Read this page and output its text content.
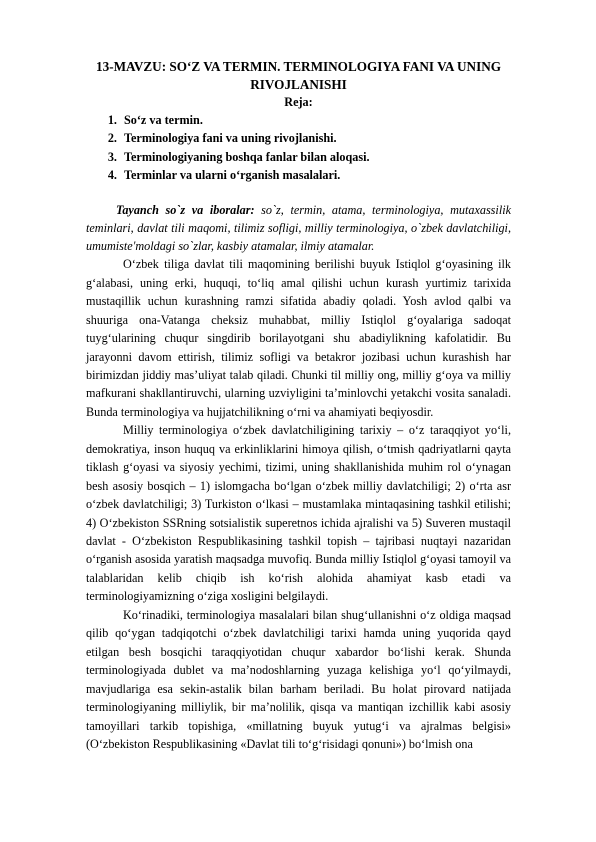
13-MAVZU: SO‘Z VA TERMIN. TERMINOLOGIYA FANI VA UNING
RIVOJLANISHI
Reja:
1. So‘z va termin.
2. Terminologiya fani va uning rivojlanishi.
3. Terminologiyaning boshqa fanlar bilan aloqasi.
4. Terminlar va ularni o‘rganish masalalari.

Tayanch so`z va iboralar: so`z, termin, atama, terminologiya, mutaxassilik teminlari, davlat tili maqomi, tilimiz sofligi, milliy terminologiya, o`zbek davlatchiligi, umumiste'moldagi so`zlar, kasbiy atamalar, ilmiy atamalar.

O‘zbek tiliga davlat tili maqomining berilishi buyuk Istiqlol g‘oyasining ilk g‘alabasi, uning erki, huquqi, to‘liq amal qilishi uchun kurash yurtimiz tarixida mustaqillik uchun kurashning ramzi sifatida abadiy qoladi. Yosh avlod qalbi va shuuriga ona-Vatanga cheksiz muhabbat, milliy Istiqlol g‘oyalariga sadoqat tuyg‘ularining chuqur singdirib borilayotgani shu abadiylikning kafolatidir. Bu jarayonni davom ettirish, tilimiz sofligi va betakror jozibasi uchun kurashish har birimizdan jiddiy mas’uliyat talab qiladi. Chunki til milliy ong, milliy g‘oya va milliy mafkurani shakllantiruvchi, ularning uzviyligini ta’minlovchi yetakchi vosita sanaladi. Bunda terminologiya va hujjatchilikning o‘rni va ahamiyati beqiyosdir.

Milliy terminologiya o‘zbek davlatchiligining tarixiy – o‘z taraqqiyot yo‘li, demokratiya, inson huquq va erkinliklarini himoya qilish, o‘tmish qadriyatlarni qayta tiklash g‘oyasi va siyosiy yechimi, tizimi, uning shakllanishida muhim rol o‘ynagan besh asosiy bosqich – 1) islomgacha bo‘lgan o‘zbek milliy davlatchiligi; 2) o‘rta asr o‘zbek davlatchiligi; 3) Turkiston o‘lkasi – mustamlaka mintaqasining tashkil etilishi; 4) O‘zbekiston SSRning sotsialistik superetnos ichida ajralishi va 5) Suveren mustaqil davlat - O‘zbekiston Respublikasining tashkil topish – tajribasi nuqtayi nazaridan o‘rganish asosida yaratish maqsadga muvofiq. Bunda milliy Istiqlol g‘oyasi tamoyil va talablaridan kelib chiqib ish ko‘rish alohida ahamiyat kasb etadi va terminologiyamizning o‘ziga xosligini belgilaydi.

Ko‘rinadiki, terminologiya masalalari bilan shug‘ullanishni o‘z oldiga maqsad qilib qo‘ygan tadqiqotchi o‘zbek davlatchiligi tarixi hamda uning yuqorida qayd etilgan besh bosqichi taraqqiyotidan chuqur xabardor bo‘lishi kerak. Shunda terminologiyada dublet va ma’nodoshlarning yuzaga kelishiga yo‘l qo‘yilmaydi, mavjudlariga esa sekin-astalik bilan barham beriladi. Bu holat pirovard natijada terminologiyaning milliylik, bir ma’nolilik, qisqa va mantiqan izchillik kabi asosiy tamoyillari tarkib topishiga, «millatning buyuk yutug‘i va ajralmas belgisi» (O‘zbekiston Respublikasining «Davlat tili to‘g‘risidagi qonuni») bo‘lmish ona
